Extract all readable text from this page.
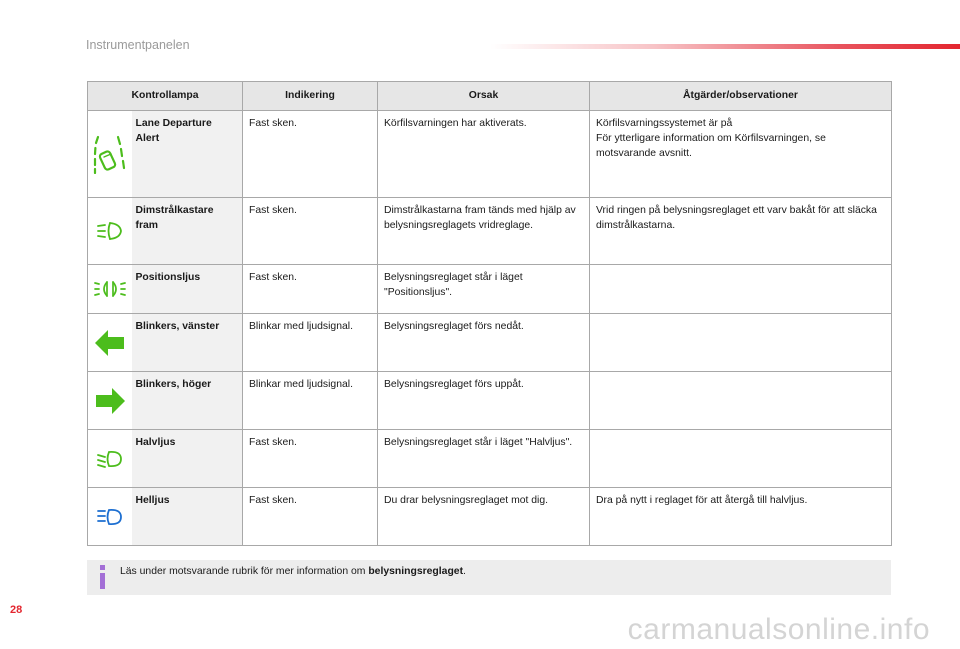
Instrumentpanelen
Kontrollampa		Indikering	Orsak	Åtgärder/observationer

	Lane Departure Alert	Fast sken.	Körfilsvarningen har aktiverats.	Körfilsvarningssystemet är på
För ytterligare information om Körfilsvarningen, se motsvarande avsnitt.

	Dimstrålkastare fram	Fast sken.	Dimstrålkastarna fram tänds med hjälp av belysningsreglagets vridreglage.	Vrid ringen på belysningsreglaget ett varv bakåt för att släcka dimstrålkastarna.

	Positionsljus	Fast sken.	Belysningsreglaget står i läget "Positionsljus".	

	Blinkers, vänster	Blinkar med ljudsignal.	Belysningsreglaget förs nedåt.	

	Blinkers, höger	Blinkar med ljudsignal.	Belysningsreglaget förs uppåt.	

	Halvljus	Fast sken.	Belysningsreglaget står i läget "Halvljus".	

	Helljus	Fast sken.	Du drar belysningsreglaget mot dig.	Dra på nytt i reglaget för att återgå till halvljus.
Läs under motsvarande rubrik för mer information om belysningsreglaget.
28
carmanualsonline.info
